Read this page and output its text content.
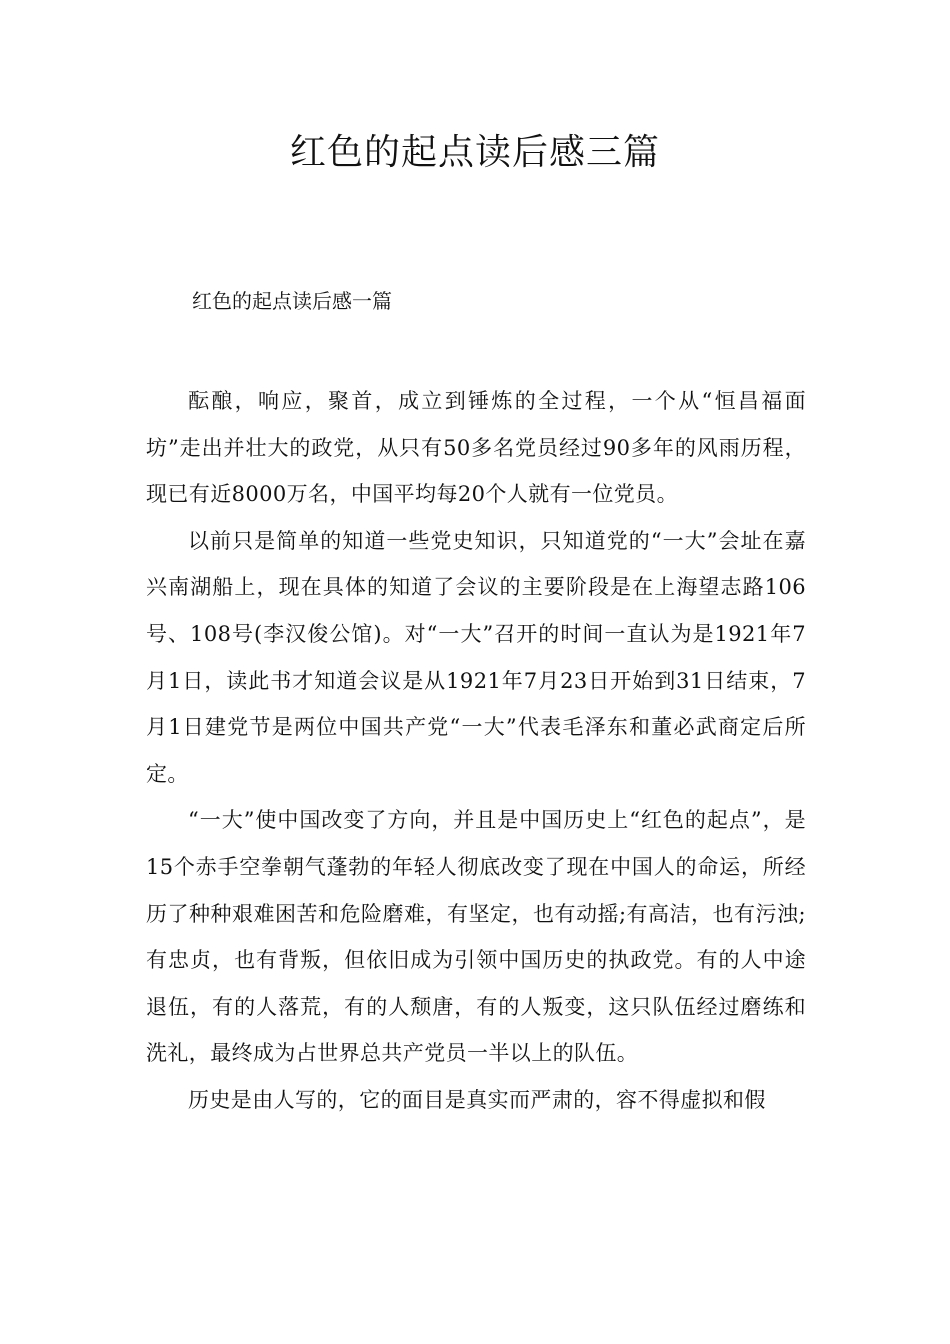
红色的起点读后感三篇
红色的起点读后感一篇

酝酿，响应，聚首，成立到锤炼的全过程，一个从“恒昌福面坊”走出并壮大的政党，从只有50多名党员经过90多年的风雨历程，现已有近8000万名，中国平均每20个人就有一位党员。

以前只是简单的知道一些党史知识，只知道党的“一大”会址在嘉兴南湖船上，现在具体的知道了会议的主要阶段是在上海望志路106号、108号(李汉俊公馆)。对“一大”召开的时间一直认为是1921年7月1日，读此书才知道会议是从1921年7月23日开始到31日结束，7月1日建党节是两位中国共产党“一大”代表毛泽东和董必武商定后所定。

“一大”使中国改变了方向，并且是中国历史上“红色的起点”，是15个赤手空拳朝气蓬勃的年轻人彻底改变了现在中国人的命运，所经历了种种艰难困苦和危险磨难，有坚定，也有动摇;有高洁，也有污浊;有忠贞，也有背叛，但依旧成为引领中国历史的执政党。有的人中途退伍，有的人落荒，有的人颓唐，有的人叛变，这只队伍经过磨练和洗礼，最终成为占世界总共产党员一半以上的队伍。

历史是由人写的，它的面目是真实而严肃的，容不得虚拟和假
